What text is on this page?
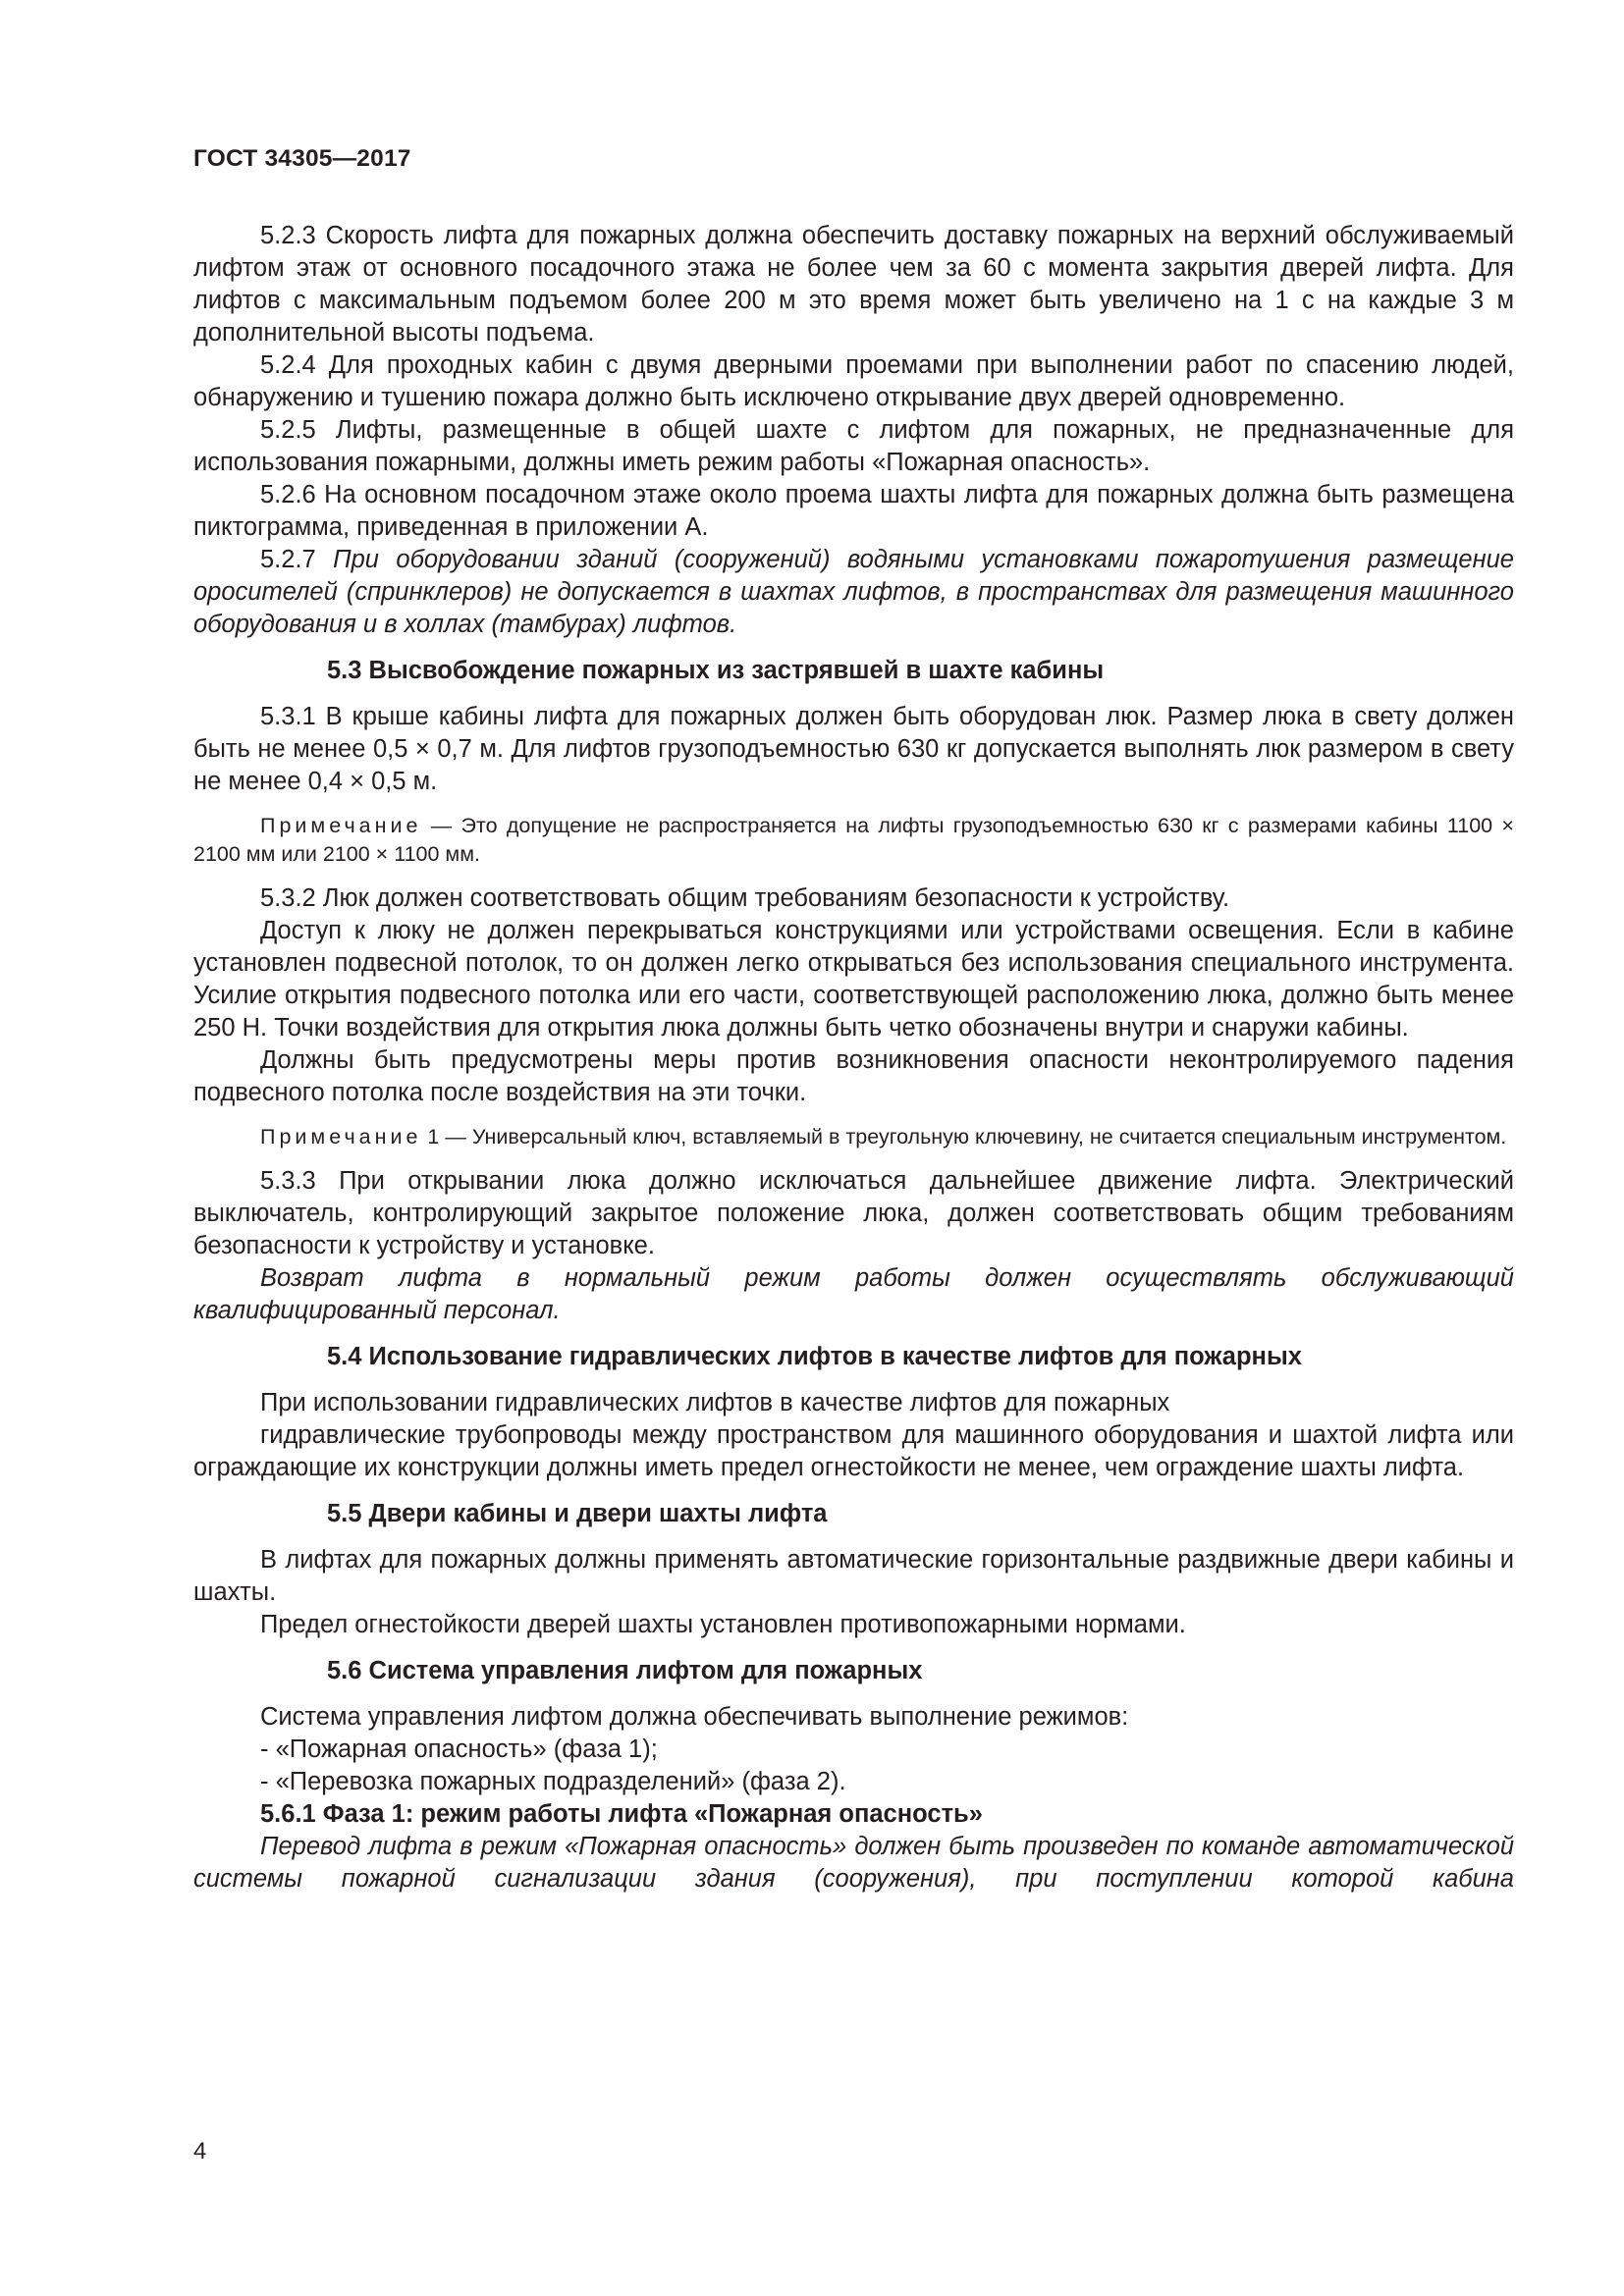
ГОСТ 34305—2017

5.2.3 Скорость лифта для пожарных должна обеспечить доставку пожарных на верхний обслуживаемый лифтом этаж от основного посадочного этажа не более чем за 60 с момента закрытия дверей лифта. Для лифтов с максимальным подъемом более 200 м это время может быть увеличено на 1 с на каждые 3 м дополнительной высоты подъема.

5.2.4 Для проходных кабин с двумя дверными проемами при выполнении работ по спасению людей, обнаружению и тушению пожара должно быть исключено открывание двух дверей одновременно.

5.2.5 Лифты, размещенные в общей шахте с лифтом для пожарных, не предназначенные для использования пожарными, должны иметь режим работы «Пожарная опасность».

5.2.6 На основном посадочном этаже около проема шахты лифта для пожарных должна быть размещена пиктограмма, приведенная в приложении А.

5.2.7 При оборудовании зданий (сооружений) водяными установками пожаротушения размещение оросителей (спринклеров) не допускается в шахтах лифтов, в пространствах для размещения машинного оборудования и в холлах (тамбурах) лифтов.

5.3 Высвобождение пожарных из застрявшей в шахте кабины

5.3.1 В крыше кабины лифта для пожарных должен быть оборудован люк. Размер люка в свету должен быть не менее 0,5 × 0,7 м. Для лифтов грузоподъемностью 630 кг допускается выполнять люк размером в свету не менее 0,4 × 0,5 м.

Примечание — Это допущение не распространяется на лифты грузоподъемностью 630 кг с размерами кабины 1100 × 2100 мм или 2100 × 1100 мм.

5.3.2 Люк должен соответствовать общим требованиям безопасности к устройству.

Доступ к люку не должен перекрываться конструкциями или устройствами освещения. Если в кабине установлен подвесной потолок, то он должен легко открываться без использования специального инструмента. Усилие открытия подвесного потолка или его части, соответствующей расположению люка, должно быть менее 250 Н. Точки воздействия для открытия люка должны быть четко обозначены внутри и снаружи кабины.

Должны быть предусмотрены меры против возникновения опасности неконтролируемого падения подвесного потолка после воздействия на эти точки.

Примечание 1 — Универсальный ключ, вставляемый в треугольную ключевину, не считается специальным инструментом.

5.3.3 При открывании люка должно исключаться дальнейшее движение лифта. Электрический выключатель, контролирующий закрытое положение люка, должен соответствовать общим требованиям безопасности к устройству и установке.

Возврат лифта в нормальный режим работы должен осуществлять обслуживающий квалифицированный персонал.

5.4 Использование гидравлических лифтов в качестве лифтов для пожарных

При использовании гидравлических лифтов в качестве лифтов для пожарных

гидравлические трубопроводы между пространством для машинного оборудования и шахтой лифта или ограждающие их конструкции должны иметь предел огнестойкости не менее, чем ограждение шахты лифта.

5.5 Двери кабины и двери шахты лифта

В лифтах для пожарных должны применять автоматические горизонтальные раздвижные двери кабины и шахты.

Предел огнестойкости дверей шахты установлен противопожарными нормами.

5.6 Система управления лифтом для пожарных

Система управления лифтом должна обеспечивать выполнение режимов:

- «Пожарная опасность» (фаза 1);

- «Перевозка пожарных подразделений» (фаза 2).

5.6.1 Фаза 1: режим работы лифта «Пожарная опасность»

Перевод лифта в режим «Пожарная опасность» должен быть произведен по команде автоматической системы пожарной сигнализации здания (сооружения), при поступлении которой кабина

4
